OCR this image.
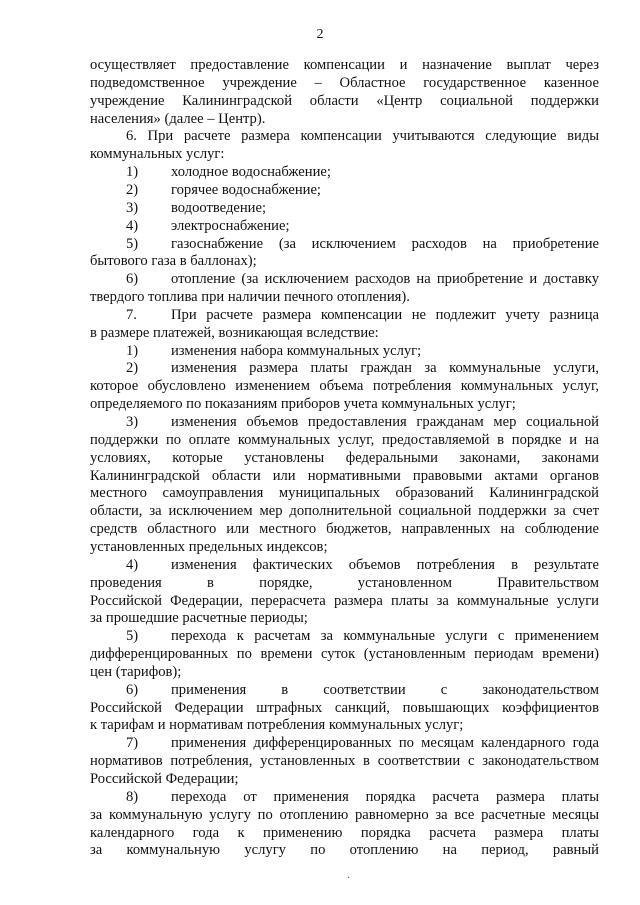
2
осуществляет предоставление компенсации и назначение выплат через
подведомственное учреждение – Областное государственное казенное
учреждение Калининградской области «Центр социальной поддержки
населения» (далее – Центр).
6. При расчете размера компенсации учитываются следующие виды
коммунальных услуг:
1)	холодное водоснабжение;
2)	горячее водоснабжение;
3)	водоотведение;
4)	электроснабжение;
5)	газоснабжение (за исключением расходов на приобретение
бытового газа в баллонах);
6)	отопление (за исключением расходов на приобретение и доставку
твердого топлива при наличии печного отопления).
7.	При расчете размера компенсации не подлежит учету разница
в размере платежей, возникающая вследствие:
1)	изменения набора коммунальных услуг;
2)	изменения размера платы граждан за коммунальные услуги,
которое обусловлено изменением объема потребления коммунальных услуг,
определяемого по показаниям приборов учета коммунальных услуг;
3)	изменения объемов предоставления гражданам мер социальной
поддержки по оплате коммунальных услуг, предоставляемой в порядке и на
условиях, которые установлены федеральными законами, законами
Калининградской области или нормативными правовыми актами органов
местного самоуправления муниципальных образований Калининградской
области, за исключением мер дополнительной социальной поддержки за счет
средств областного или местного бюджетов, направленных на соблюдение
установленных предельных индексов;
4)	изменения фактических объемов потребления в результате
проведения в порядке, установленном Правительством
Российской Федерации, перерасчета размера платы за коммунальные услуги
за прошедшие расчетные периоды;
5)	перехода к расчетам за коммунальные услуги с применением
дифференцированных по времени суток (установленным периодам времени)
цен (тарифов);
6)	применения в соответствии с законодательством
Российской Федерации штрафных санкций, повышающих коэффициентов
к тарифам и нормативам потребления коммунальных услуг;
7)	применения дифференцированных по месяцам календарного года
нормативов потребления, установленных в соответствии с законодательством
Российской Федерации;
8)	перехода от применения порядка расчета размера платы
за коммунальную услугу по отоплению равномерно за все расчетные месяцы
календарного года к применению порядка расчета размера платы
за коммунальную услугу по отоплению на период, равный
·
